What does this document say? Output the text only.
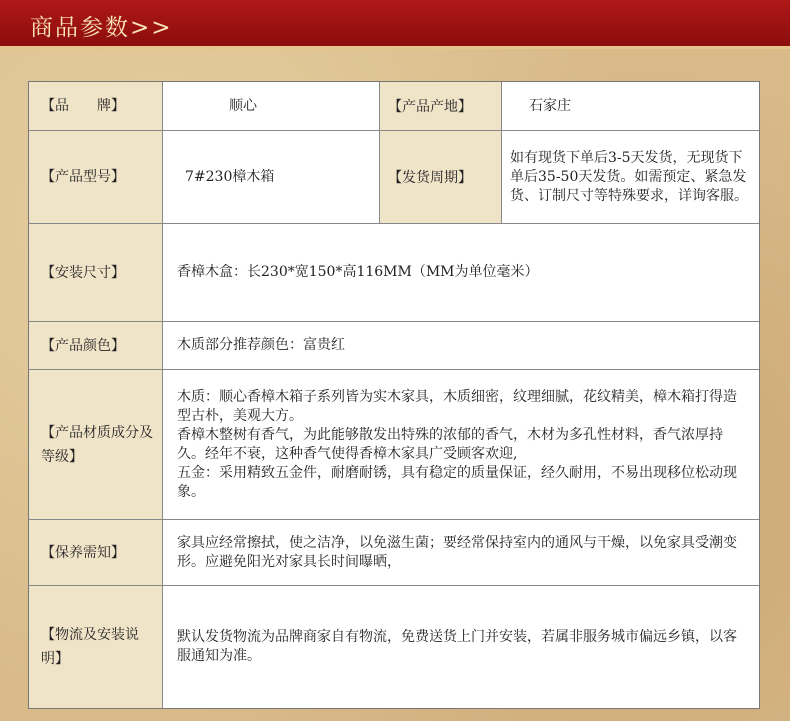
商品参数>>
【品　　牌】	顺心	【产品产地】	石家庄
【产品型号】	7#230樟木箱	【发货周期】
如有现货下单后3-5天发货，无现货下单后35-50天发货。如需预定、紧急发货、订制尺寸等特殊要求，详询客服。
【安装尺寸】	香樟木盒：长230*宽150*高116MM（MM为单位毫米）
【产品颜色】	木质部分推荐颜色：富贵红
【产品材质成分及等级】
木质：顺心香樟木箱子系列皆为实木家具，木质细密，纹理细腻，花纹精美，樟木箱打得造型古朴，美观大方。
香樟木整树有香气，为此能够散发出特殊的浓郁的香气，木材为多孔性材料，香气浓厚持久。经年不衰，这种香气使得香樟木家具广受顾客欢迎,
五金：采用精致五金件，耐磨耐锈，具有稳定的质量保证，经久耐用，不易出现移位松动现象。
【保养需知】
家具应经常擦拭，使之洁净，以免滋生菌；要经常保持室内的通风与干燥，以免家具受潮变形。应避免阳光对家具长时间曝晒，
【物流及安装说明】
默认发货物流为品牌商家自有物流，免费送货上门并安装，若属非服务城市偏远乡镇，以客服通知为准。
